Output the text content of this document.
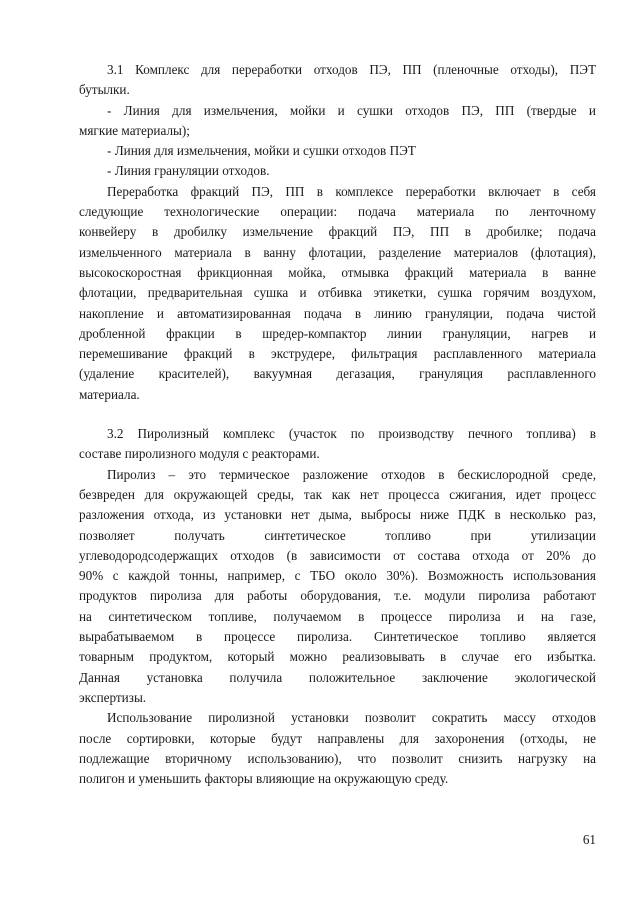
3.1 Комплекс для переработки отходов ПЭ, ПП (пленочные отходы), ПЭТ
бутылки.
- Линия для измельчения, мойки и сушки отходов ПЭ, ПП (твердые и
мягкие материалы);
- Линия для измельчения, мойки и сушки отходов ПЭТ
- Линия грануляции отходов.
Переработка фракций ПЭ, ПП в комплексе переработки включает в себя
следующие технологические операции: подача материала по ленточному
конвейеру в дробилку измельчение фракций ПЭ, ПП в дробилке; подача
измельченного материала в ванну флотации, разделение материалов (флотация),
высокоскоростная фрикционная мойка, отмывка фракций материала в ванне
флотации, предварительная сушка и отбивка этикетки, сушка горячим воздухом,
накопление и автоматизированная подача в линию грануляции, подача чистой
дробленной фракции в шредер-компактор линии грануляции, нагрев и
перемешивание фракций в экструдере, фильтрация расплавленного материала
(удаление красителей), вакуумная дегазация, грануляция расплавленного
материала.
3.2 Пиролизный комплекс (участок по производству печного топлива) в
составе пиролизного модуля с реакторами.
Пиролиз – это термическое разложение отходов в бескислородной среде,
безвреден для окружающей среды, так как нет процесса сжигания, идет процесс
разложения отхода, из установки нет дыма, выбросы ниже ПДК в несколько раз,
позволяет получать синтетическое топливо при утилизации
углеводородсодержащих отходов (в зависимости от состава отхода от 20% до
90% с каждой тонны, например, с ТБО около 30%). Возможность использования
продуктов пиролиза для работы оборудования, т.е. модули пиролиза работают
на синтетическом топливе, получаемом в процессе пиролиза и на газе,
вырабатываемом в процессе пиролиза. Синтетическое топливо является
товарным продуктом, который можно реализовывать в случае его избытка.
Данная установка получила положительное заключение экологической
экспертизы.
Использование пиролизной установки позволит сократить массу отходов
после сортировки, которые будут направлены для захоронения (отходы, не
подлежащие вторичному использованию), что позволит снизить нагрузку на
полигон и уменьшить факторы влияющие на окружающую среду.
61
